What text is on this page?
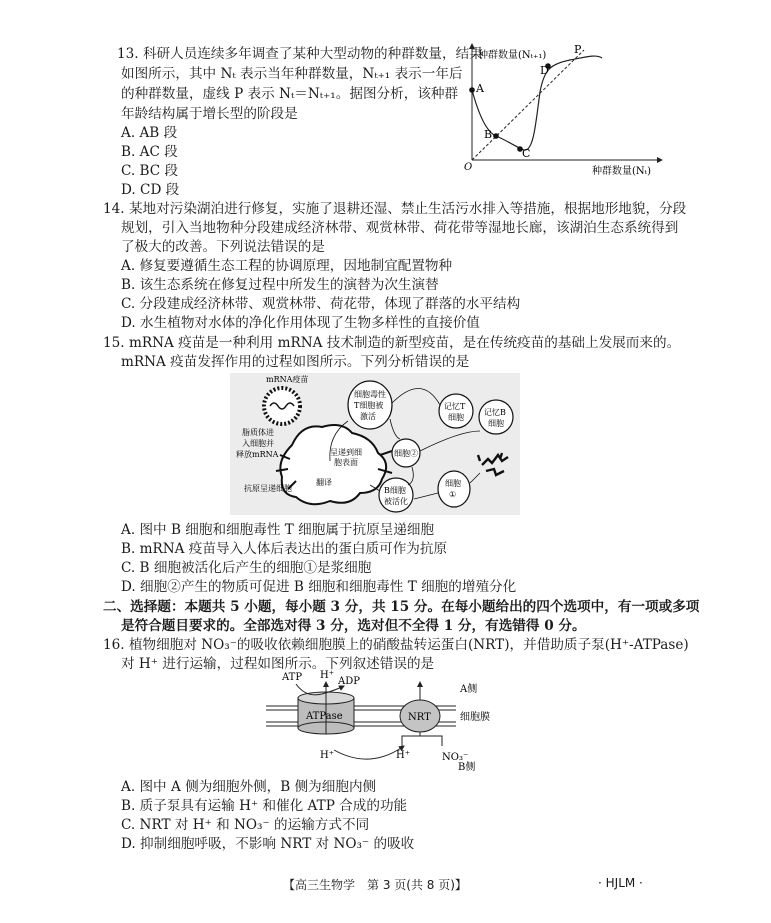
13. 科研人员连续多年调查了某种大型动物的种群数量，结果
如图所示，其中 Nₜ 表示当年种群数量，Nₜ₊₁ 表示一年后
的种群数量，虚线 P 表示 Nₜ＝Nₜ₊₁。据图分析，该种群
年龄结构属于增长型的阶段是
A. AB 段
B. AC 段
C. BC 段
D. CD 段
A
B
C
D
P
种群数量(Nₜ₊₁)
种群数量(Nₜ)
O
14. 某地对污染湖泊进行修复，实施了退耕还湿、禁止生活污水排入等措施，根据地形地貌，分段
规划，引入当地物种分段建成经济林带、观赏林带、荷花带等湿地长廊，该湖泊生态系统得到
了极大的改善。下列说法错误的是
A. 修复要遵循生态工程的协调原理，因地制宜配置物种
B. 该生态系统在修复过程中所发生的演替为次生演替
C. 分段建成经济林带、观赏林带、荷花带，体现了群落的水平结构
D. 水生植物对水体的净化作用体现了生物多样性的直接价值
15. mRNA 疫苗是一种利用 mRNA 技术制造的新型疫苗，是在传统疫苗的基础上发展而来的。
mRNA 疫苗发挥作用的过程如图所示。下列分析错误的是
mRNA疫苗
脂质体进
入细胞并
释放mRNA
抗原呈递细胞
翻译
呈递到细
胞表面
细胞毒性
T细胞被
激活
记忆T
细胞
记忆B
细胞
细胞②
B细胞
被活化
细胞
①
A. 图中 B 细胞和细胞毒性 T 细胞属于抗原呈递细胞
B. mRNA 疫苗导入人体后表达出的蛋白质可作为抗原
C. B 细胞被活化后产生的细胞①是浆细胞
D. 细胞②产生的物质可促进 B 细胞和细胞毒性 T 细胞的增殖分化
二、选择题：本题共 5 小题，每小题 3 分，共 15 分。在每小题给出的四个选项中，有一项或多项
是符合题目要求的。全部选对得 3 分，选对但不全得 1 分，有选错得 0 分。
16. 植物细胞对 NO₃⁻的吸收依赖细胞膜上的硝酸盐转运蛋白(NRT)，并借助质子泵(H⁺-ATPase)
对 H⁺ 进行运输，过程如图所示。下列叙述错误的是
ATPase	NRT
ATP H⁺
ADP
A侧
细胞膜
B侧
H⁺	H⁺	NO₃⁻
A. 图中 A 侧为细胞外侧，B 侧为细胞内侧
B. 质子泵具有运输 H⁺ 和催化 ATP 合成的功能
C. NRT 对 H⁺ 和 NO₃⁻ 的运输方式不同
D. 抑制细胞呼吸，不影响 NRT 对 NO₃⁻ 的吸收
【高三生物学　第 3 页(共 8 页)】	· HJLM ·
